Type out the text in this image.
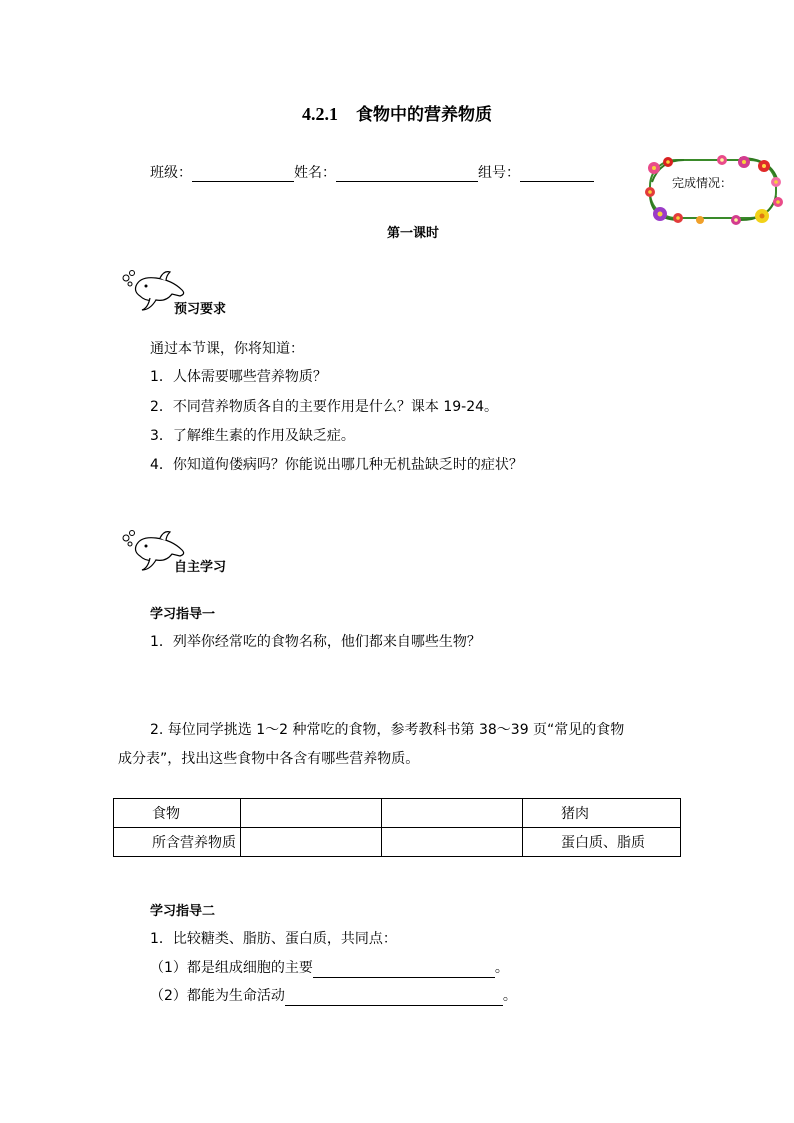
4.2.1 食物中的营养物质
班级：	姓名：	组号：
完成情况：
第一课时
预习要求
通过本节课，你将知道：
1．人体需要哪些营养物质？
2．不同营养物质各自的主要作用是什么？课本 19-24。
3．了解维生素的作用及缺乏症。
4．你知道佝偻病吗？你能说出哪几种无机盐缺乏时的症状？
自主学习
学习指导一
1．列举你经常吃的食物名称，他们都来自哪些生物？
2. 每位同学挑选 1～2 种常吃的食物，参考教科书第 38～39 页“常见的食物
成分表”，找出这些食物中各含有哪些营养物质。
食物			猪肉
所含营养物质			蛋白质、脂质
学习指导二
1．比较糖类、脂肪、蛋白质，共同点：
（1）都是组成细胞的主要	。
（2）都能为生命活动	。
